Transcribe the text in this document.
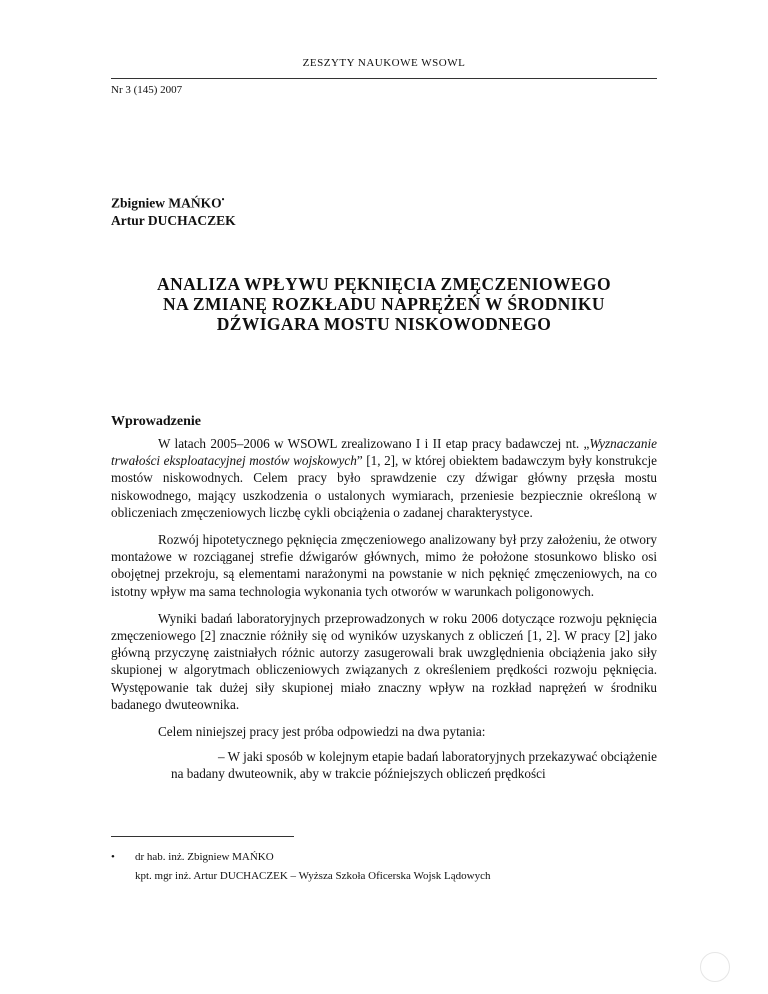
ZESZYTY NAUKOWE WSOWL
Nr 3 (145) 2007
Zbigniew MAŃKO•
Artur DUCHACZEK
ANALIZA WPŁYWU PĘKNIĘCIA ZMĘCZENIOWEGO
NA ZMIANĘ ROZKŁADU NAPRĘŻEŃ W ŚRODNIKU
DŹWIGARA MOSTU NISKOWODNEGO
Wprowadzenie

W latach 2005–2006 w WSOWL zrealizowano I i II etap pracy badawczej nt. „Wyznaczanie trwałości eksploatacyjnej mostów wojskowych” [1, 2], w której obiektem badawczym były konstrukcje mostów niskowodnych. Celem pracy było sprawdzenie czy dźwigar główny przęsła mostu niskowodnego, mający uszkodzenia o ustalonych wymiarach, przeniesie bezpiecznie określoną w obliczeniach zmęczeniowych liczbę cykli obciążenia o zadanej charakterystyce.

Rozwój hipotetycznego pęknięcia zmęczeniowego analizowany był przy założeniu, że otwory montażowe w rozciąganej strefie dźwigarów głównych, mimo że położone stosunkowo blisko osi obojętnej przekroju, są elementami narażonymi na powstanie w nich pęknięć zmęczeniowych, na co istotny wpływ ma sama technologia wykonania tych otworów w warunkach poligonowych.

Wyniki badań laboratoryjnych przeprowadzonych w roku 2006 dotyczące rozwoju pęknięcia zmęczeniowego [2] znacznie różniły się od wyników uzyskanych z obliczeń [1, 2]. W pracy [2] jako główną przyczynę zaistniałych różnic autorzy zasugerowali brak uwzględnienia obciążenia jako siły skupionej w algorytmach obliczeniowych związanych z określeniem prędkości rozwoju pęknięcia. Występowanie tak dużej siły skupionej miało znaczny wpływ na rozkład naprężeń w środniku badanego dwuteownika.

Celem niniejszej pracy jest próba odpowiedzi na dwa pytania:

– W jaki sposób w kolejnym etapie badań laboratoryjnych przekazywać obciążenie na badany dwuteownik, aby w trakcie późniejszych obliczeń prędkości

• dr hab. inż. Zbigniew MAŃKO
kpt. mgr inż. Artur DUCHACZEK – Wyższa Szkoła Oficerska Wojsk Lądowych
